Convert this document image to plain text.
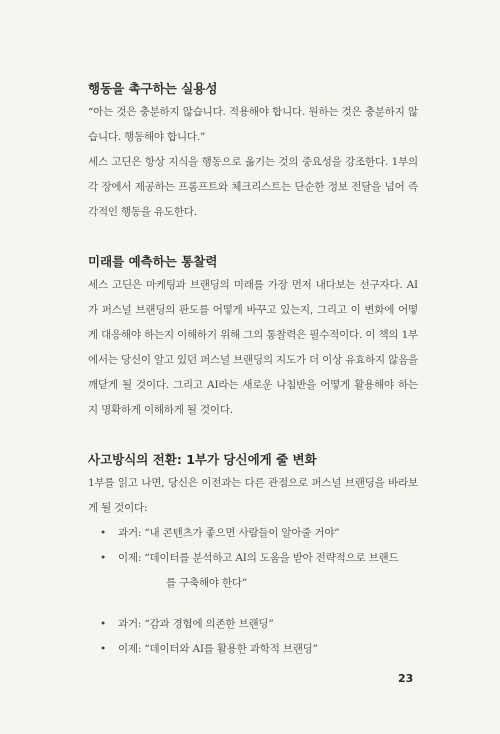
행동을 촉구하는 실용성

“아는 것은 충분하지 않습니다. 적용해야 합니다. 원하는 것은 충분하지 않습니다. 행동해야 합니다.”

세스 고딘은 항상 지식을 행동으로 옮기는 것의 중요성을 강조한다. 1부의 각 장에서 제공하는 프롬프트와 체크리스트는 단순한 정보 전달을 넘어 즉각적인 행동을 유도한다.

미래를 예측하는 통찰력

세스 고딘은 마케팅과 브랜딩의 미래를 가장 먼저 내다보는 선구자다. AI가 퍼스널 브랜딩의 판도를 어떻게 바꾸고 있는지, 그리고 이 변화에 어떻게 대응해야 하는지 이해하기 위해 그의 통찰력은 필수적이다. 이 책의 1부에서는 당신이 알고 있던 퍼스널 브랜딩의 지도가 더 이상 유효하지 않음을 깨닫게 될 것이다. 그리고 AI라는 새로운 나침반을 어떻게 활용해야 하는지 명확하게 이해하게 될 것이다.

사고방식의 전환: 1부가 당신에게 줄 변화

1부를 읽고 나면, 당신은 이전과는 다른 관점으로 퍼스널 브랜딩을 바라보게 될 것이다:

• 과거: “내 콘텐츠가 좋으면 사람들이 알아줄 거야”
• 이제: “데이터를 분석하고 AI의 도움을 받아 전략적으로 브랜드
를 구축해야 한다”
• 과거: “감과 경험에 의존한 브랜딩”
• 이제: “데이터와 AI를 활용한 과학적 브랜딩”
23
